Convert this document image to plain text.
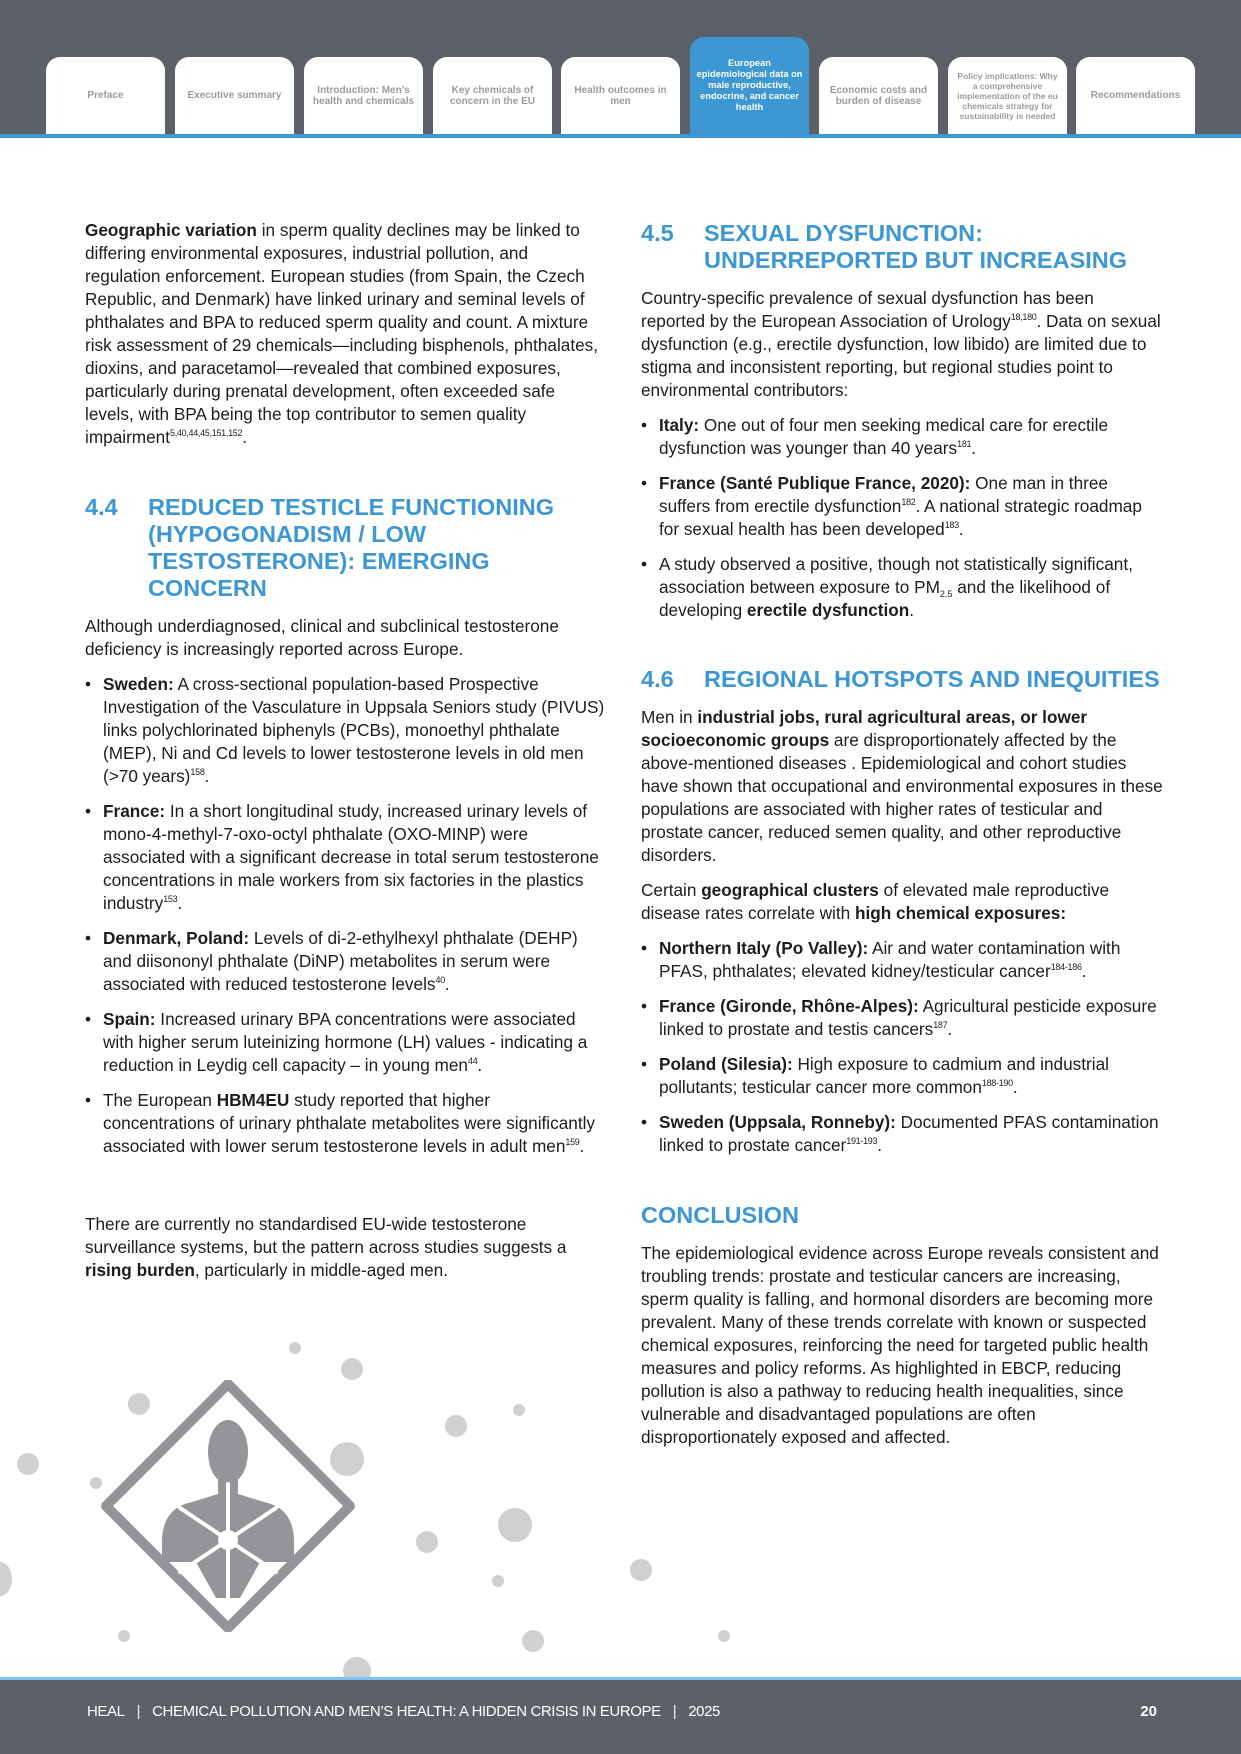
Preface	Executive summary	Introduction: Men’s health and chemicals
Key chemicals of concern in the EU
Health outcomes in men
European epidemiological data on male reproductive, endocrine, and cancer health
Economic costs and burden of disease
Policy implications: Why a comprehensive implementation of the eu chemicals strategy for sustainability is needed
Recommendations

Geographic variation in sperm quality declines may be linked to differing environmental exposures, industrial pollution, and regulation enforcement. European studies (from Spain, the Czech Republic, and Denmark) have linked urinary and seminal levels of phthalates and BPA to reduced sperm quality and count. A mixture risk assessment of 29 chemicals—including bisphenols, phthalates, dioxins, and paracetamol—revealed that combined exposures, particularly during prenatal development, often exceeded safe levels, with BPA being the top contributor to semen quality impairment$^{5,40,44,45,151,152}$.

4.4	REDUCED TESTICLE FUNCTIONING (HYPOGONADISM / LOW TESTOSTERONE): EMERGING CONCERN

Although underdiagnosed, clinical and subclinical testosterone deficiency is increasingly reported across Europe.

• Sweden: A cross-sectional population-based Prospective Investigation of the Vasculature in Uppsala Seniors study (PIVUS) links polychlorinated biphenyls (PCBs), monoethyl phthalate (MEP), Ni and Cd levels to lower testosterone levels in old men (>70 years)$^{158}$.
• France: In a short longitudinal study, increased urinary levels of mono-4-methyl-7-oxo-octyl phthalate (OXO-MINP) were associated with a significant decrease in total serum testosterone concentrations in male workers from six factories in the plastics industry$^{153}$.
• Denmark, Poland: Levels of di-2-ethylhexyl phthalate (DEHP) and diisononyl phthalate (DiNP) metabolites in serum were associated with reduced testosterone levels$^{40}$.
• Spain: Increased urinary BPA concentrations were associated with higher serum luteinizing hormone (LH) values - indicating a reduction in Leydig cell capacity – in young men$^{44}$.
• The European HBM4EU study reported that higher concentrations of urinary phthalate metabolites were significantly associated with lower serum testosterone levels in adult men$^{159}$.

There are currently no standardised EU-wide testosterone surveillance systems, but the pattern across studies suggests a rising burden, particularly in middle-aged men.

4.5	SEXUAL DYSFUNCTION: UNDERREPORTED BUT INCREASING

Country-specific prevalence of sexual dysfunction has been reported by the European Association of Urology$^{18,180}$. Data on sexual dysfunction (e.g., erectile dysfunction, low libido) are limited due to stigma and inconsistent reporting, but regional studies point to environmental contributors:

• Italy: One out of four men seeking medical care for erectile dysfunction was younger than 40 years$^{181}$.
• France (Santé Publique France, 2020): One man in three suffers from erectile dysfunction$^{182}$. A national strategic roadmap for sexual health has been developed$^{183}$.
• A study observed a positive, though not statistically significant, association between exposure to $PM_{2.5}$ and the likelihood of developing erectile dysfunction.
4.6	REGIONAL HOTSPOTS AND INEQUITIES

Men in industrial jobs, rural agricultural areas, or lower socioeconomic groups are disproportionately affected by the above-mentioned diseases . Epidemiological and cohort studies have shown that occupational and environmental exposures in these populations are associated with higher rates of testicular and prostate cancer, reduced semen quality, and other reproductive disorders.

Certain geographical clusters of elevated male reproductive disease rates correlate with high chemical exposures:

• Northern Italy (Po Valley): Air and water contamination with PFAS, phthalates; elevated kidney/testicular cancer$^{184-186}$.
• France (Gironde, Rhône-Alpes): Agricultural pesticide exposure linked to prostate and testis cancers$^{187}$.
• Poland (Silesia): High exposure to cadmium and industrial pollutants; testicular cancer more common$^{188-190}$.
• Sweden (Uppsala, Ronneby): Documented PFAS contamination linked to prostate cancer$^{191-193}$.
CONCLUSION

The epidemiological evidence across Europe reveals consistent and troubling trends: prostate and testicular cancers are increasing, sperm quality is falling, and hormonal disorders are becoming more prevalent. Many of these trends correlate with known or suspected chemical exposures, reinforcing the need for targeted public health measures and policy reforms. As highlighted in EBCP, reducing pollution is also a pathway to reducing health inequalities, since vulnerable and disadvantaged populations are often disproportionately exposed and affected.

HEAL | CHEMICAL POLLUTION AND MEN’S HEALTH: A HIDDEN CRISIS IN EUROPE | 2025	20
